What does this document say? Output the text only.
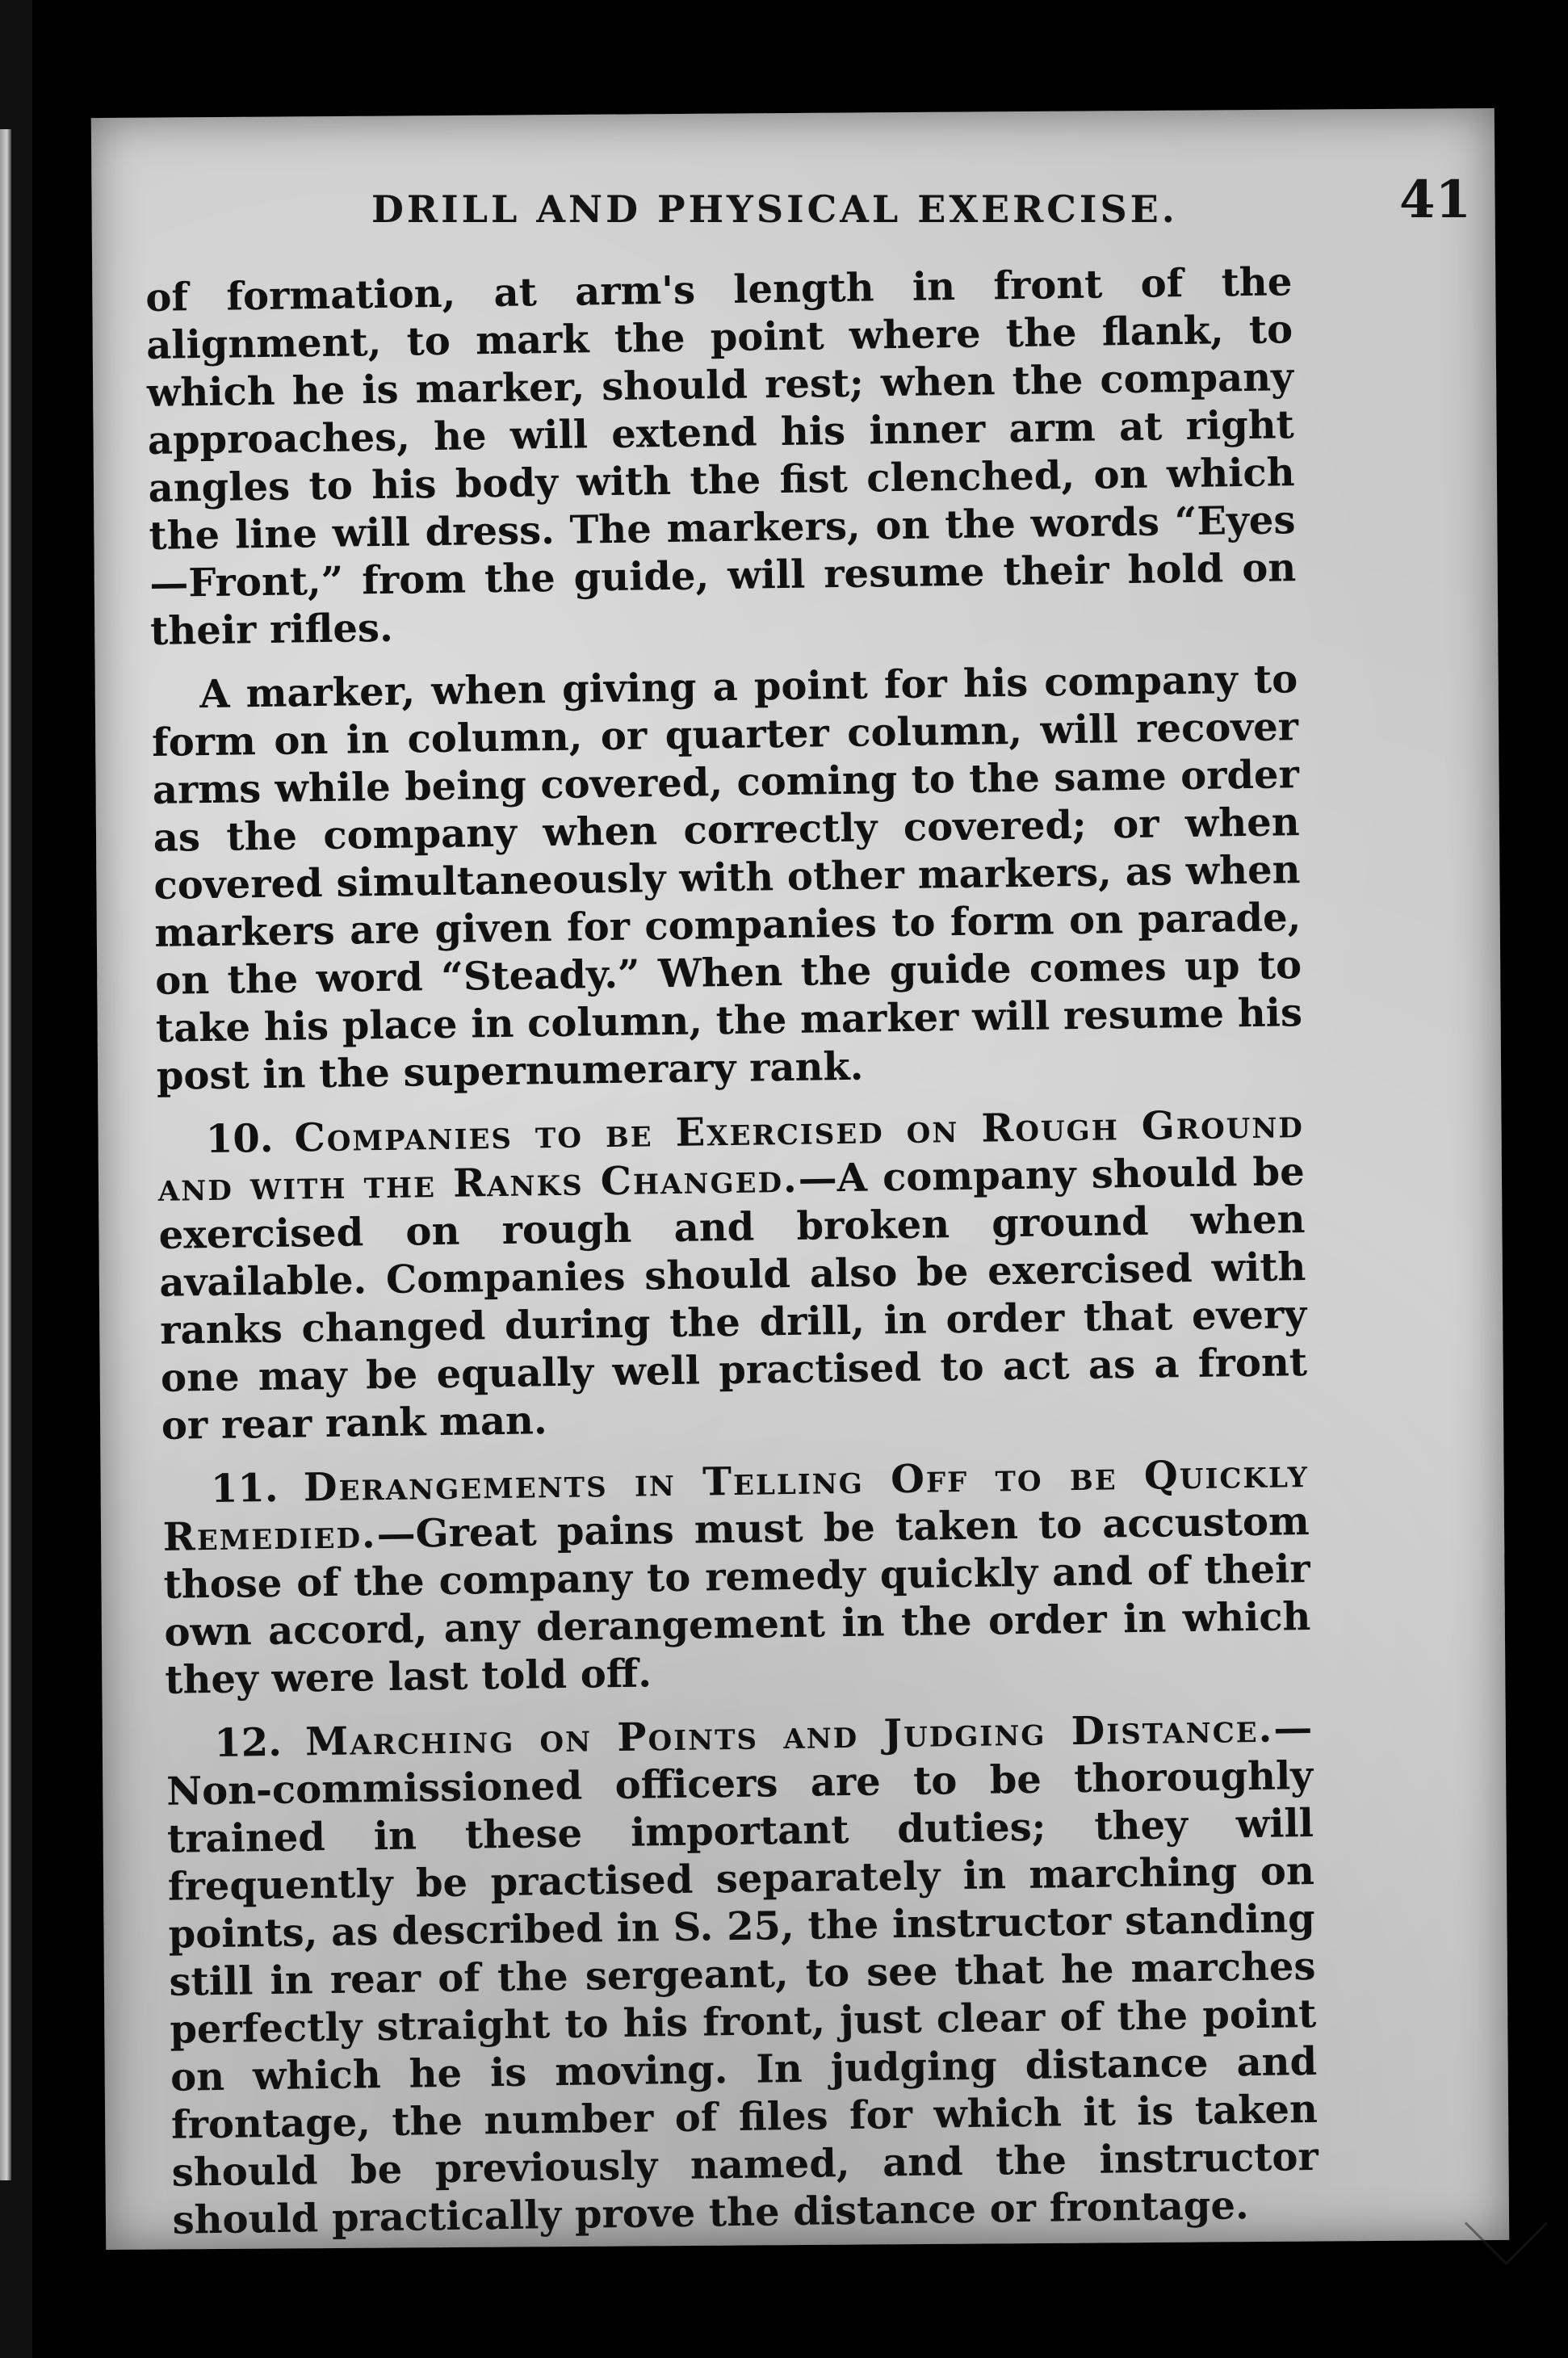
DRILL AND PHYSICAL EXERCISE.	41

of formation, at arm's length in front of the alignment, to mark the point where the flank, to which he is marker, should rest; when the company approaches, he will extend his inner arm at right angles to his body with the fist clenched, on which the line will dress. The markers, on the words “Eyes—Front,” from the guide, will resume their hold on their rifles.

A marker, when giving a point for his company to form on in column, or quarter column, will recover arms while being covered, coming to the same order as the company when correctly covered; or when covered simultaneously with other markers, as when markers are given for companies to form on parade, on the word “Steady.” When the guide comes up to take his place in column, the marker will resume his post in the supernumerary rank.

10. Companies to be Exercised on Rough Ground and with the Ranks Changed.—A company should be exercised on rough and broken ground when available. Companies should also be exercised with ranks changed during the drill, in order that every one may be equally well practised to act as a front or rear rank man.

11. Derangements in Telling Off to be Quickly Remedied.—Great pains must be taken to accustom those of the company to remedy quickly and of their own accord, any derangement in the order in which they were last told off.

12. Marching on Points and Judging Distance.—Non-commissioned officers are to be thoroughly trained in these important duties; they will frequently be practised separately in marching on points, as described in S. 25, the instructor standing still in rear of the sergeant, to see that he marches perfectly straight to his front, just clear of the point on which he is moving. In judging distance and frontage, the number of files for which it is taken should be previously named, and the instructor should practically prove the distance or frontage.
